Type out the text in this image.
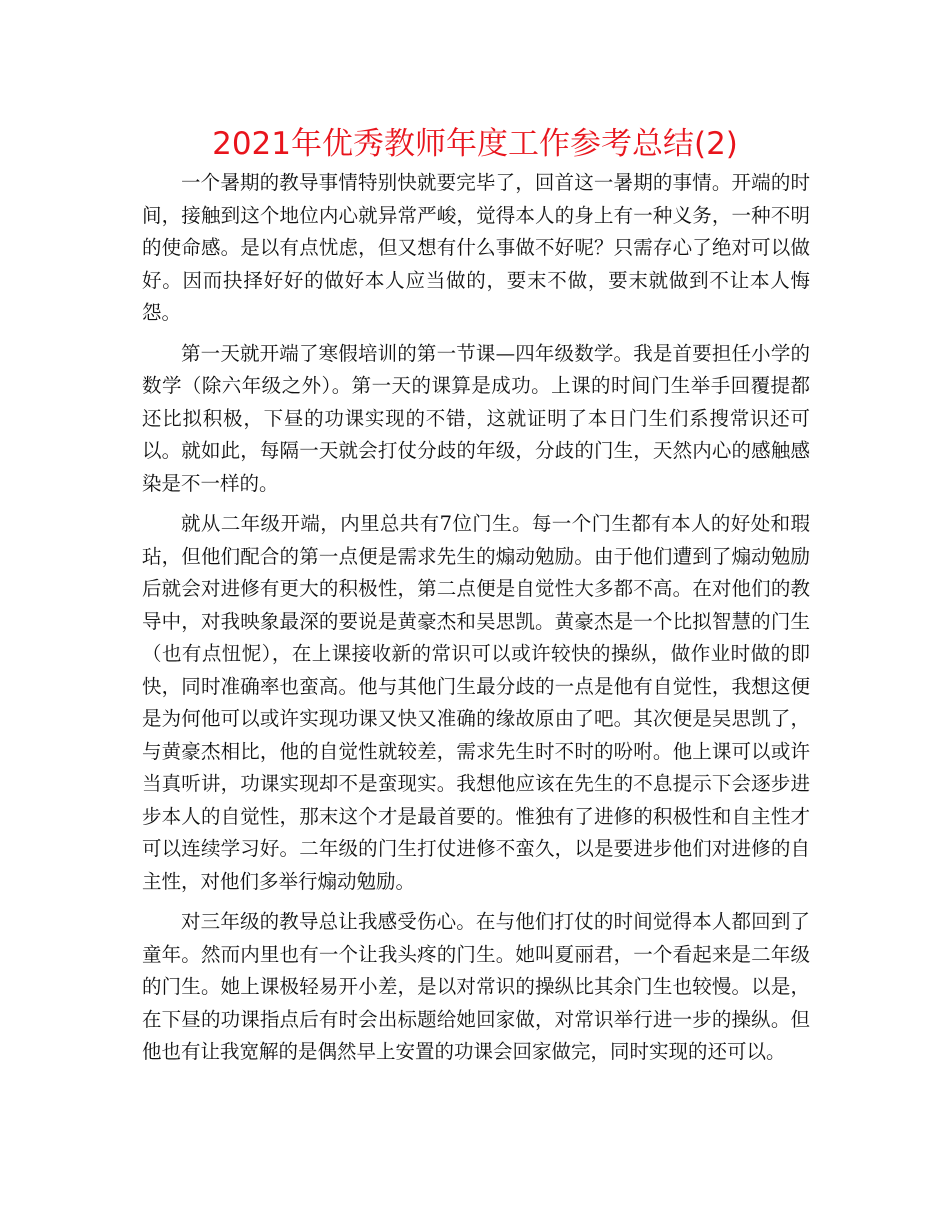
2021年优秀教师年度工作参考总结(2)

一个暑期的教导事情特别快就要完毕了，回首这一暑期的事情。开端的时间，接触到这个地位内心就异常严峻，觉得本人的身上有一种义务，一种不明的使命感。是以有点忧虑，但又想有什么事做不好呢？只需存心了绝对可以做好。因而抉择好好的做好本人应当做的，要末不做，要末就做到不让本人悔怨。

第一天就开端了寒假培训的第一节课—四年级数学。我是首要担任小学的数学（除六年级之外）。第一天的课算是成功。上课的时间门生举手回覆提都还比拟积极，下昼的功课实现的不错，这就证明了本日门生们系搜常识还可以。就如此，每隔一天就会打仗分歧的年级，分歧的门生，天然内心的感触感染是不一样的。

就从二年级开端，内里总共有7位门生。每一个门生都有本人的好处和瑕玷，但他们配合的第一点便是需求先生的煽动勉励。由于他们遭到了煽动勉励后就会对进修有更大的积极性，第二点便是自觉性大多都不高。在对他们的教导中，对我映象最深的要说是黄豪杰和吴思凯。黄豪杰是一个比拟智慧的门生（也有点忸怩），在上课接收新的常识可以或许较快的操纵，做作业时做的即快，同时准确率也蛮高。他与其他门生最分歧的一点是他有自觉性，我想这便是为何他可以或许实现功课又快又准确的缘故原由了吧。其次便是吴思凯了，与黄豪杰相比，他的自觉性就较差，需求先生时不时的吩咐。他上课可以或许当真听讲，功课实现却不是蛮现实。我想他应该在先生的不息提示下会逐步进步本人的自觉性，那末这个才是最首要的。惟独有了进修的积极性和自主性才可以连续学习好。二年级的门生打仗进修不蛮久，以是要进步他们对进修的自主性，对他们多举行煽动勉励。

对三年级的教导总让我感受伤心。在与他们打仗的时间觉得本人都回到了童年。然而内里也有一个让我头疼的门生。她叫夏丽君，一个看起来是二年级的门生。她上课极轻易开小差，是以对常识的操纵比其余门生也较慢。以是，在下昼的功课指点后有时会出标题给她回家做，对常识举行进一步的操纵。但他也有让我宽解的是偶然早上安置的功课会回家做完，同时实现的还可以。
